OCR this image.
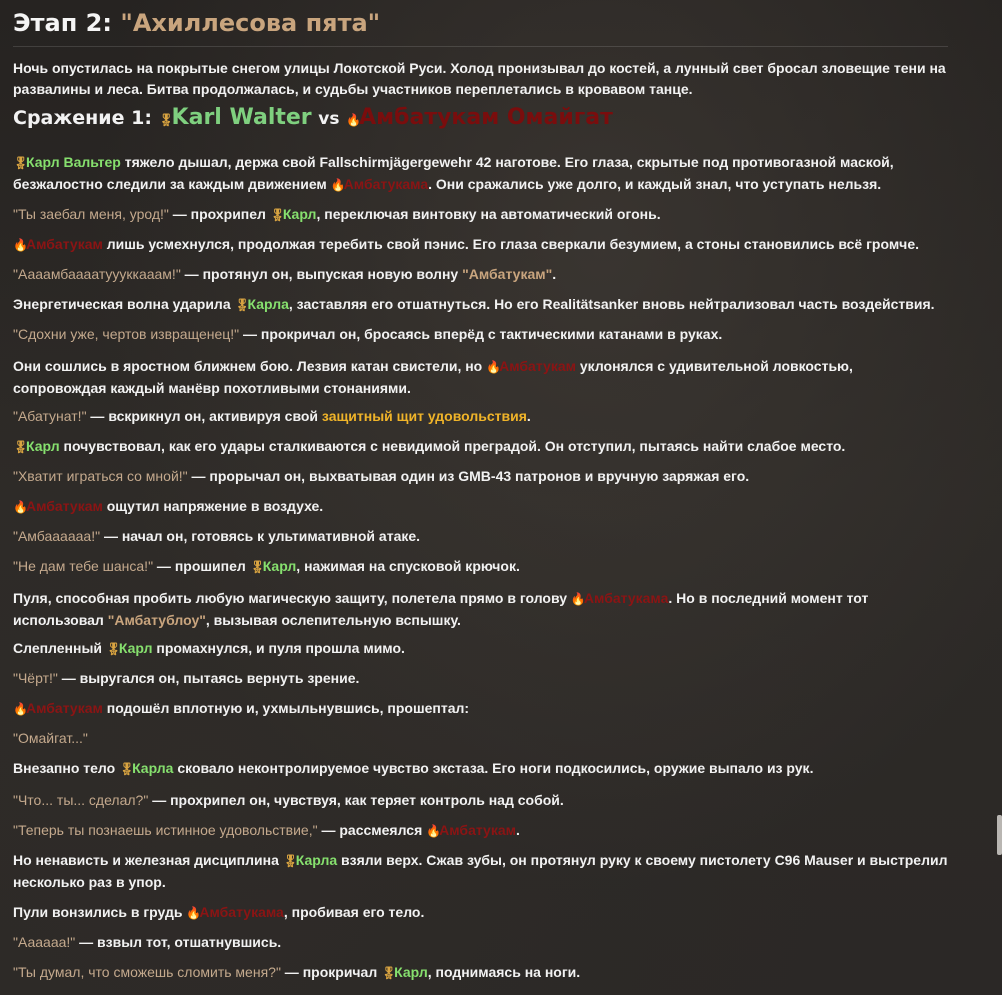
Этап 2: "Ахиллесова пята"

Ночь опустилась на покрытые снегом улицы Локотской Руси. Холод пронизывал до костей, а лунный свет бросал зловещие тени на развалины и леса. Битва продолжалась, и судьбы участников переплетались в кровавом танце.

Сражение 1: 🎖Karl Walter vs 🔥Амбатукам Омайгат

🎖Карл Вальтер тяжело дышал, держа свой Fallschirmjägergewehr 42 наготове. Его глаза, скрытые под противогазной маской, безжалостно следили за каждым движением 🔥Амбатукама. Они сражались уже долго, и каждый знал, что уступать нельзя.

"Ты заебал меня, урод!" — прохрипел 🎖Карл, переключая винтовку на автоматический огонь.

🔥Амбатукам лишь усмехнулся, продолжая теребить свой пэнис. Его глаза сверкали безумием, а стоны становились всё громче.

"Аааамбаааатуууккааам!" — протянул он, выпуская новую волну "Амбатукам".

Энергетическая волна ударила 🎖Карла, заставляя его отшатнуться. Но его Realitätsanker вновь нейтрализовал часть воздействия.

"Сдохни уже, чертов извращенец!" — прокричал он, бросаясь вперёд с тактическими катанами в руках.

Они сошлись в яростном ближнем бою. Лезвия катан свистели, но 🔥Амбатукам уклонялся с удивительной ловкостью, сопровождая каждый манёвр похотливыми стонаниями.

"Абатунат!" — вскрикнул он, активируя свой защитный щит удовольствия.

🎖Карл почувствовал, как его удары сталкиваются с невидимой преградой. Он отступил, пытаясь найти слабое место.

"Хватит играться со мной!" — прорычал он, выхватывая один из GMB-43 патронов и вручную заряжая его.

🔥Амбатукам ощутил напряжение в воздухе.

"Амбаааааа!" — начал он, готовясь к ультимативной атаке.

"Не дам тебе шанса!" — прошипел 🎖Карл, нажимая на спусковой крючок.

Пуля, способная пробить любую магическую защиту, полетела прямо в голову 🔥Амбатукама. Но в последний момент тот использовал "Амбатублоу", вызывая ослепительную вспышку.

Слепленный 🎖Карл промахнулся, и пуля прошла мимо.

"Чёрт!" — выругался он, пытаясь вернуть зрение.

🔥Амбатукам подошёл вплотную и, ухмыльнувшись, прошептал:

"Омайгат..."

Внезапно тело 🎖Карла сковало неконтролируемое чувство экстаза. Его ноги подкосились, оружие выпало из рук.

"Что... ты... сделал?" — прохрипел он, чувствуя, как теряет контроль над собой.

"Теперь ты познаешь истинное удовольствие," — рассмеялся 🔥Амбатукам.

Но ненависть и железная дисциплина 🎖Карла взяли верх. Сжав зубы, он протянул руку к своему пистолету C96 Mauser и выстрелил несколько раз в упор.

Пули вонзились в грудь 🔥Амбатукама, пробивая его тело.

"Аааааа!" — взвыл тот, отшатнувшись.

"Ты думал, что сможешь сломить меня?" — прокричал 🎖Карл, поднимаясь на ноги.
